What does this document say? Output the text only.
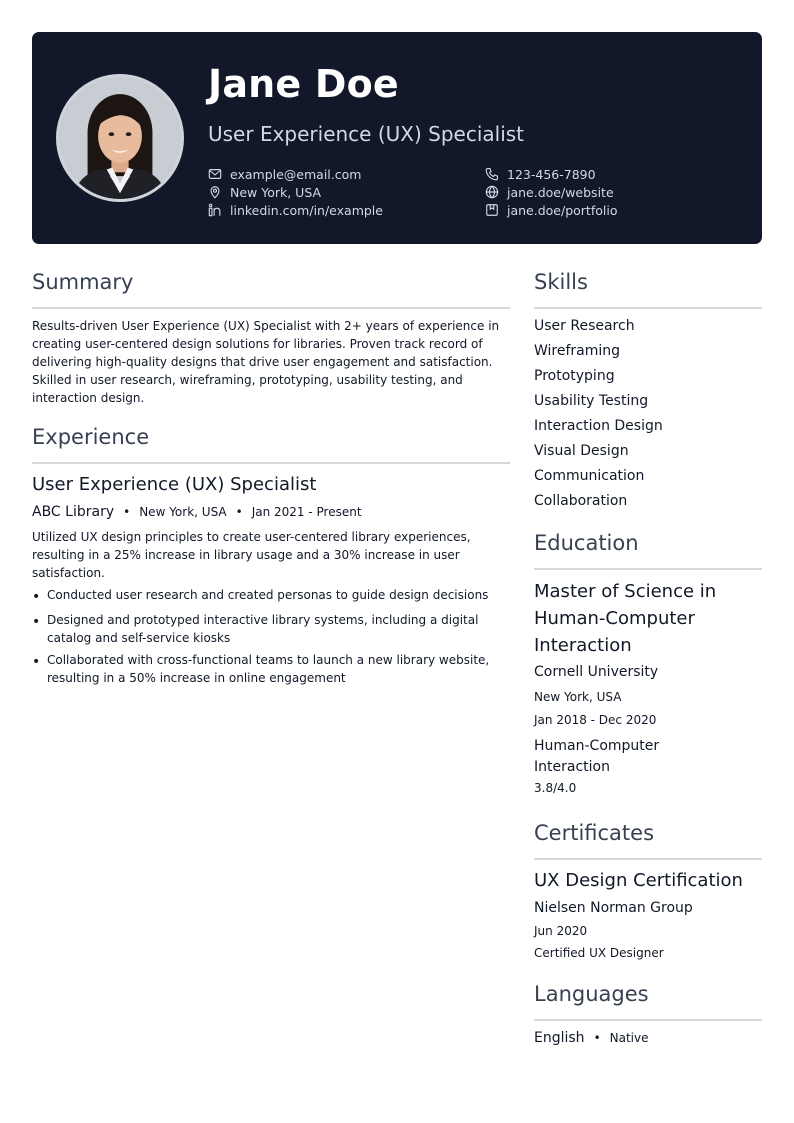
Jane Doe
User Experience (UX) Specialist
example@email.com
New York, USA
linkedin.com/in/example
123-456-7890
jane.doe/website
jane.doe/portfolio
Summary
Results-driven User Experience (UX) Specialist with 2+ years of experience in creating user-centered design solutions for libraries. Proven track record of delivering high-quality designs that drive user engagement and satisfaction. Skilled in user research, wireframing, prototyping, usability testing, and interaction design.
Experience
User Experience (UX) Specialist
ABC Library • New York, USA • Jan 2021 - Present
Utilized UX design principles to create user-centered library experiences, resulting in a 25% increase in library usage and a 30% increase in user satisfaction.
• Conducted user research and created personas to guide design decisions
• Designed and prototyped interactive library systems, including a digital catalog and self-service kiosks
• Collaborated with cross-functional teams to launch a new library website, resulting in a 50% increase in online engagement
Skills
User Research
Wireframing
Prototyping
Usability Testing
Interaction Design
Visual Design
Communication
Collaboration
Education
Master of Science in Human-Computer Interaction
Cornell University
New York, USA
Jan 2018 - Dec 2020
Human-Computer Interaction
3.8/4.0
Certificates
UX Design Certification
Nielsen Norman Group
Jun 2020
Certified UX Designer
Languages
English • Native
